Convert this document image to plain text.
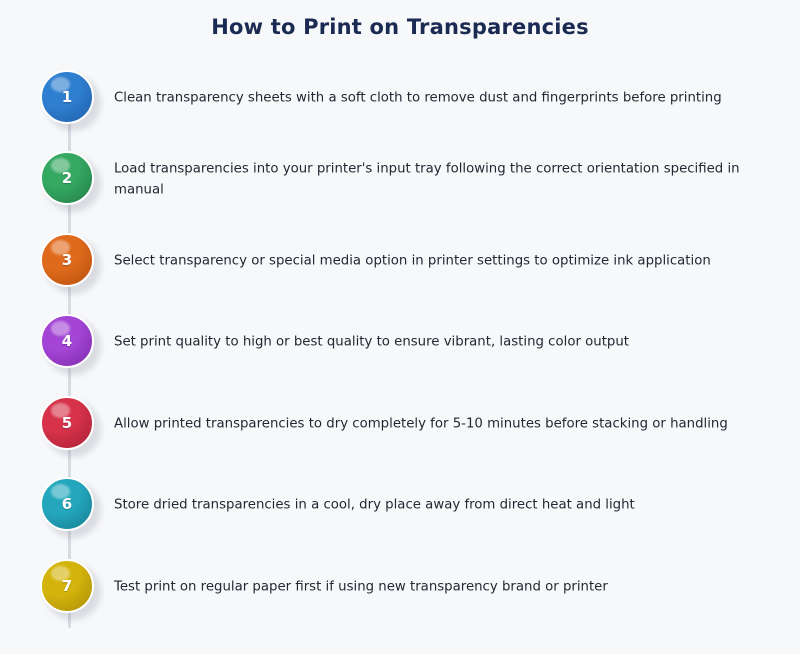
How to Print on Transparencies
1	Clean transparency sheets with a soft cloth to remove dust and fingerprints before printing
2
Load transparencies into your printer's input tray following the correct orientation specified in manual
3	Select transparency or special media option in printer settings to optimize ink application
4	Set print quality to high or best quality to ensure vibrant, lasting color output
5	Allow printed transparencies to dry completely for 5-10 minutes before stacking or handling
6	Store dried transparencies in a cool, dry place away from direct heat and light
7	Test print on regular paper first if using new transparency brand or printer
